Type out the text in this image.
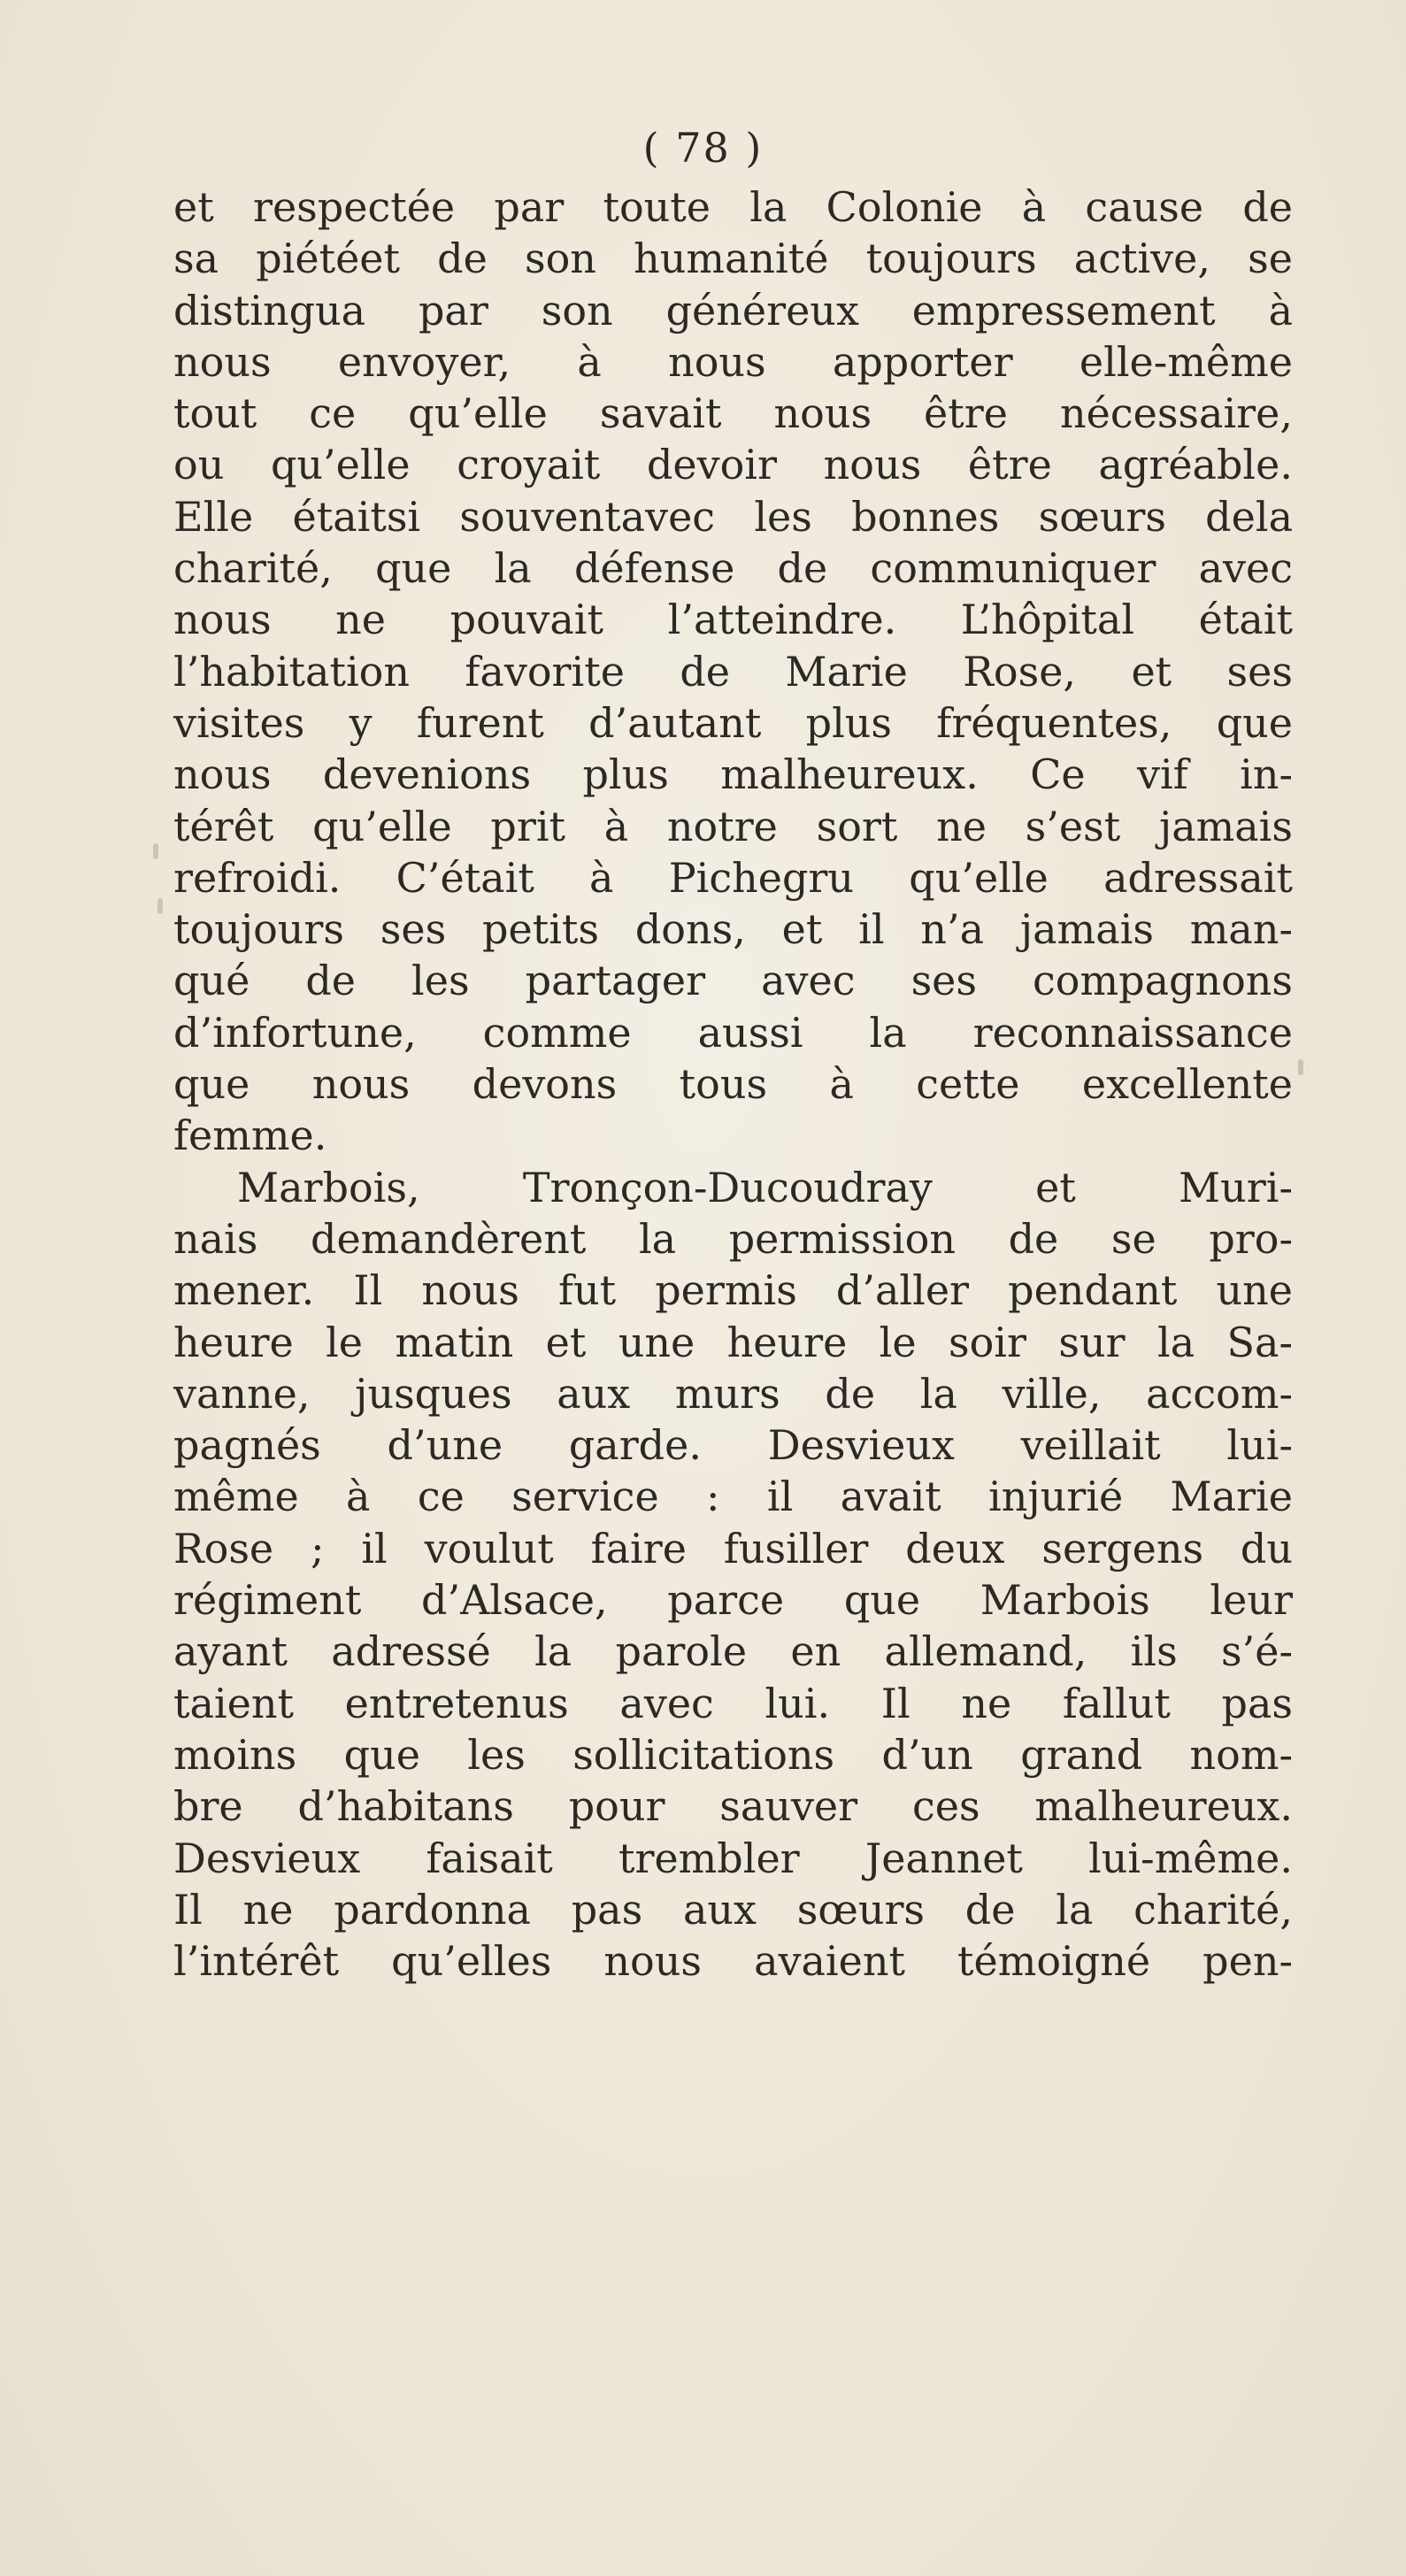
( 78 )
et respectée par toute la Colonie à cause de
sa piétéet de son humanité toujours active, se
distingua par son généreux empressement à
nous envoyer, à nous apporter elle-même
tout ce qu’elle savait nous être nécessaire,
ou qu’elle croyait devoir nous être agréable.
Elle étaitsi souventavec les bonnes sœurs dela
charité, que la défense de communiquer avec
nous ne pouvait l’atteindre. L’hôpital était
l’habitation favorite de Marie Rose, et ses
visites y furent d’autant plus fréquentes, que
nous devenions plus malheureux. Ce vif in-
térêt qu’elle prit à notre sort ne s’est jamais
refroidi. C’était à Pichegru qu’elle adressait
toujours ses petits dons, et il n’a jamais man-
qué de les partager avec ses compagnons
d’infortune, comme aussi la reconnaissance
que nous devons tous à cette excellente
femme.
Marbois, Tronçon-Ducoudray et Muri-
nais demandèrent la permission de se pro-
mener. Il nous fut permis d’aller pendant une
heure le matin et une heure le soir sur la Sa-
vanne, jusques aux murs de la ville, accom-
pagnés d’une garde. Desvieux veillait lui-
même à ce service : il avait injurié Marie
Rose ; il voulut faire fusiller deux sergens du
régiment d’Alsace, parce que Marbois leur
ayant adressé la parole en allemand, ils s’é-
taient entretenus avec lui. Il ne fallut pas
moins que les sollicitations d’un grand nom-
bre d’habitans pour sauver ces malheureux.
Desvieux faisait trembler Jeannet lui-même.
Il ne pardonna pas aux sœurs de la charité,
l’intérêt qu’elles nous avaient témoigné pen-
